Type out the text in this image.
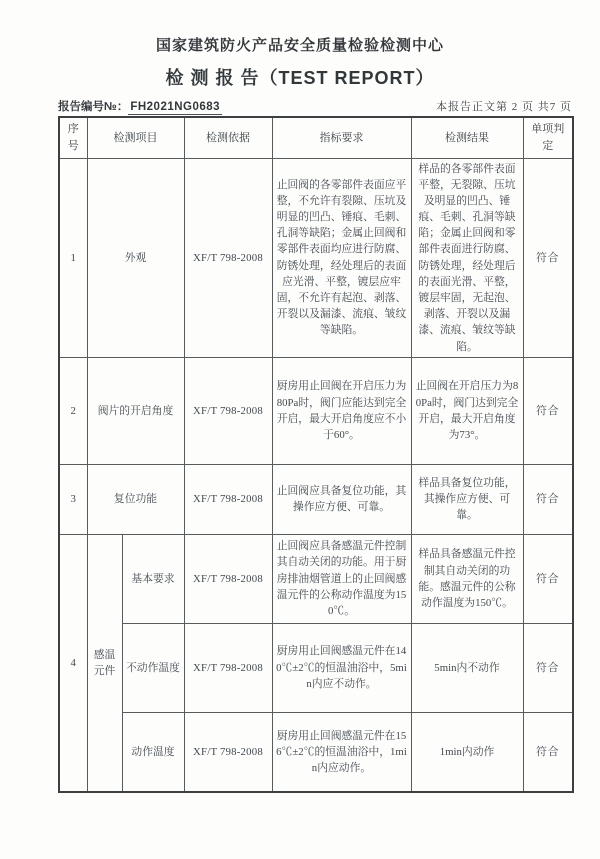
国家建筑防火产品安全质量检验检测中心
检 测 报 告（TEST REPORT）
报告编号№： FH2021NG0683	本报告正文第 2 页 共7 页
序号	检测项目		检测依据	指标要求	检测结果	单项判定
1	外观		XF/T 798-2008	止回阀的各零部件表面应平整，不允许有裂隙、压坑及明显的凹凸、锤痕、毛刺、孔洞等缺陷；金属止回阀和零部件表面均应进行防腐、防锈处理，经处理后的表面应光滑、平整，镀层应牢固，不允许有起泡、剥落、开裂以及漏漆、流痕、皱纹等缺陷。	样品的各零部件表面平整，无裂隙、压坑及明显的凹凸、锤痕、毛刺、孔洞等缺陷；金属止回阀和零部件表面进行防腐、防锈处理，经处理后的表面光滑、平整，镀层牢固，无起泡、剥落、开裂以及漏漆、流痕、皱纹等缺陷。	符合
2	阀片的开启角度		XF/T 798-2008	厨房用止回阀在开启压力为80Pa时，阀门应能达到完全开启，最大开启角度应不小于60°。	止回阀在开启压力为80Pa时，阀门达到完全开启，最大开启角度为73°。	符合
3	复位功能		XF/T 798-2008	止回阀应具备复位功能，其操作应方便、可靠。	样品具备复位功能，其操作应方便、可靠。	符合
4	感温元件	基本要求	XF/T 798-2008	止回阀应具备感温元件控制其自动关闭的功能。用于厨房排油烟管道上的止回阀感温元件的公称动作温度为150℃。	样品具备感温元件控制其自动关闭的功能。感温元件的公称动作温度为150℃。	符合
		不动作温度	XF/T 798-2008	厨房用止回阀感温元件在140℃±2℃的恒温油浴中，5min内应不动作。	5min内不动作	符合
		动作温度	XF/T 798-2008	厨房用止回阀感温元件在156℃±2℃的恒温油浴中，1min内应动作。	1min内动作	符合
